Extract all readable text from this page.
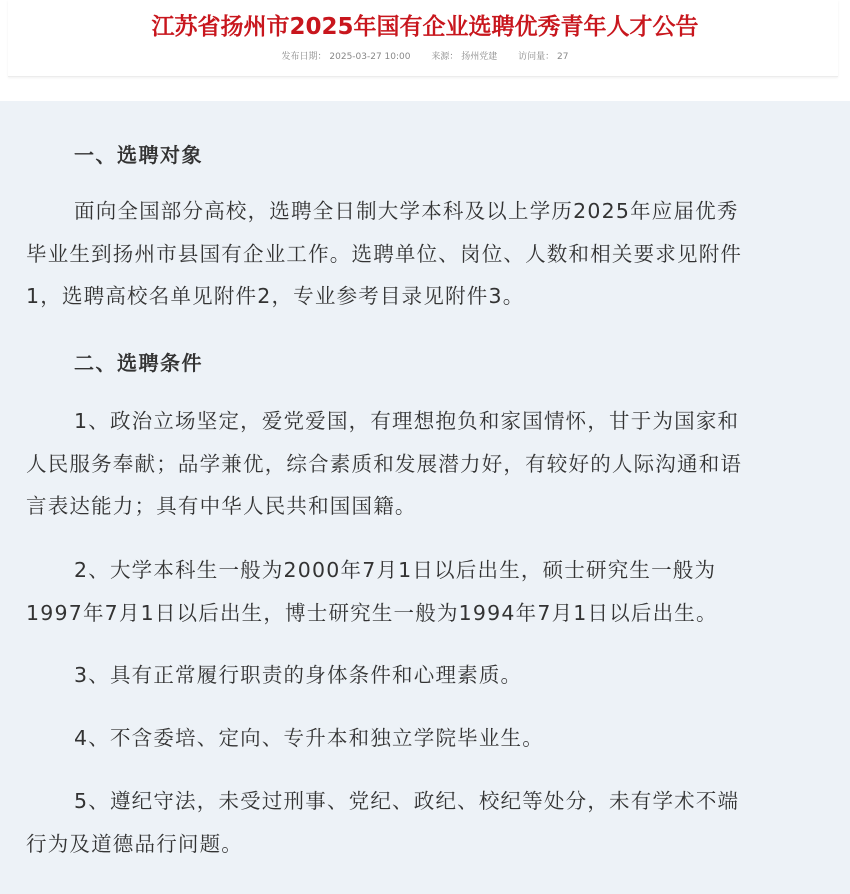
江苏省扬州市2025年国有企业选聘优秀青年人才公告
发布日期： 2025-03-27 10:00 来源： 扬州党建 访问量： 27
一、选聘对象
面向全国部分高校，选聘全日制大学本科及以上学历2025年应届优秀
毕业生到扬州市县国有企业工作。选聘单位、岗位、人数和相关要求见附件
1，选聘高校名单见附件2，专业参考目录见附件3。
二、选聘条件
1、政治立场坚定，爱党爱国，有理想抱负和家国情怀，甘于为国家和
人民服务奉献；品学兼优，综合素质和发展潜力好，有较好的人际沟通和语
言表达能力；具有中华人民共和国国籍。
2、大学本科生一般为2000年7月1日以后出生，硕士研究生一般为
1997年7月1日以后出生，博士研究生一般为1994年7月1日以后出生。
3、具有正常履行职责的身体条件和心理素质。
4、不含委培、定向、专升本和独立学院毕业生。
5、遵纪守法，未受过刑事、党纪、政纪、校纪等处分，未有学术不端
行为及道德品行问题。
